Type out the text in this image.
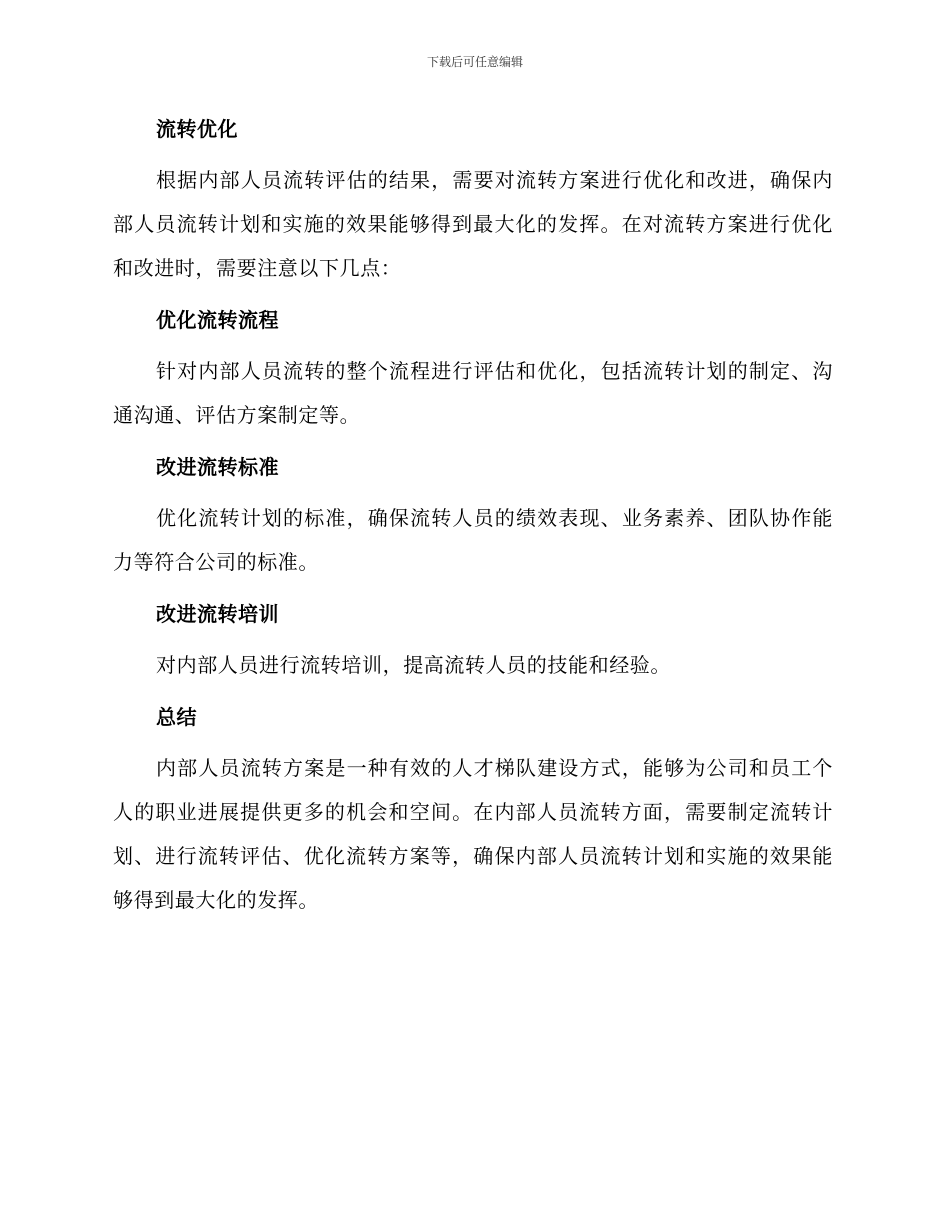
下载后可任意编辑
流转优化

根据内部人员流转评估的结果，需要对流转方案进行优化和改进，确保内部人员流转计划和实施的效果能够得到最大化的发挥。在对流转方案进行优化和改进时，需要注意以下几点：

优化流转流程

针对内部人员流转的整个流程进行评估和优化，包括流转计划的制定、沟通沟通、评估方案制定等。

改进流转标准

优化流转计划的标准，确保流转人员的绩效表现、业务素养、团队协作能力等符合公司的标准。

改进流转培训

对内部人员进行流转培训，提高流转人员的技能和经验。

总结

内部人员流转方案是一种有效的人才梯队建设方式，能够为公司和员工个人的职业进展提供更多的机会和空间。在内部人员流转方面，需要制定流转计划、进行流转评估、优化流转方案等，确保内部人员流转计划和实施的效果能够得到最大化的发挥。
